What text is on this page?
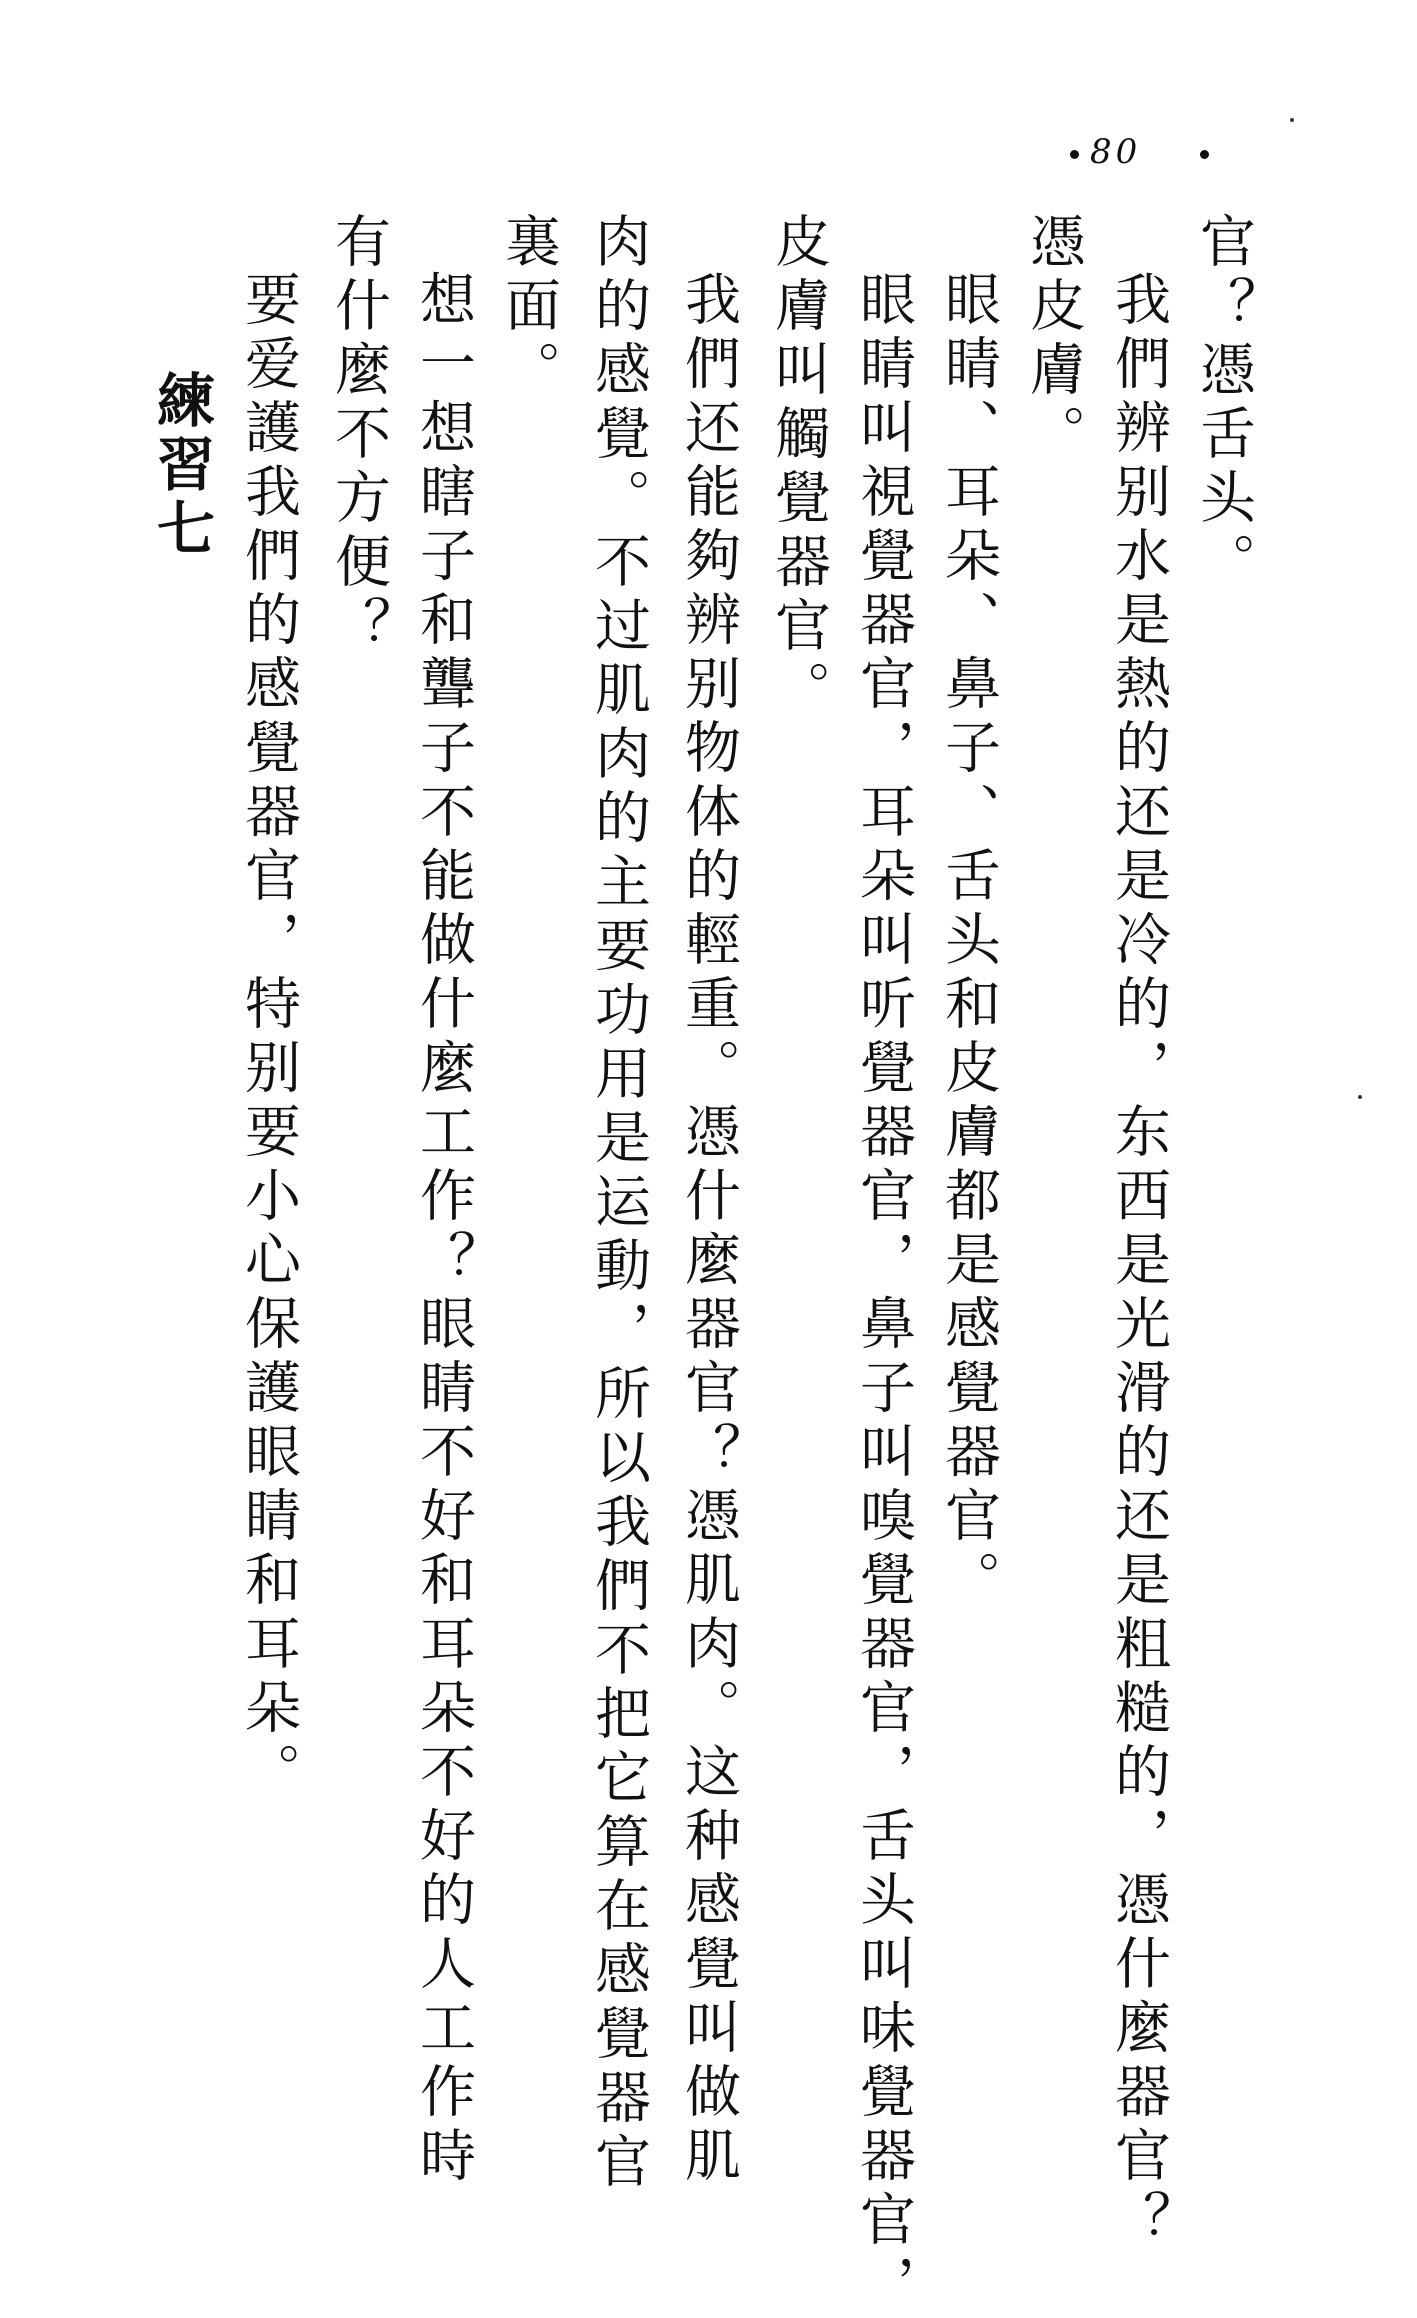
80
官？憑舌头。
我們辨别水是熱的还是冷的，东西是光滑的还是粗糙的，憑什麼器官？
憑皮膚。
眼睛、耳朵、鼻子、舌头和皮膚都是感覺器官。
眼睛叫視覺器官，耳朵叫听覺器官，鼻子叫嗅覺器官，舌头叫味覺器官，
皮膚叫觸覺器官。
我們还能夠辨别物体的輕重。憑什麼器官？憑肌肉。这种感覺叫做肌
肉的感覺。不过肌肉的主要功用是运動，所以我們不把它算在感覺器官
裏面。
想一想瞎子和聾子不能做什麼工作？眼睛不好和耳朵不好的人工作時
有什麼不方便？
要爱護我們的感覺器官，特别要小心保護眼睛和耳朵。
練習七
